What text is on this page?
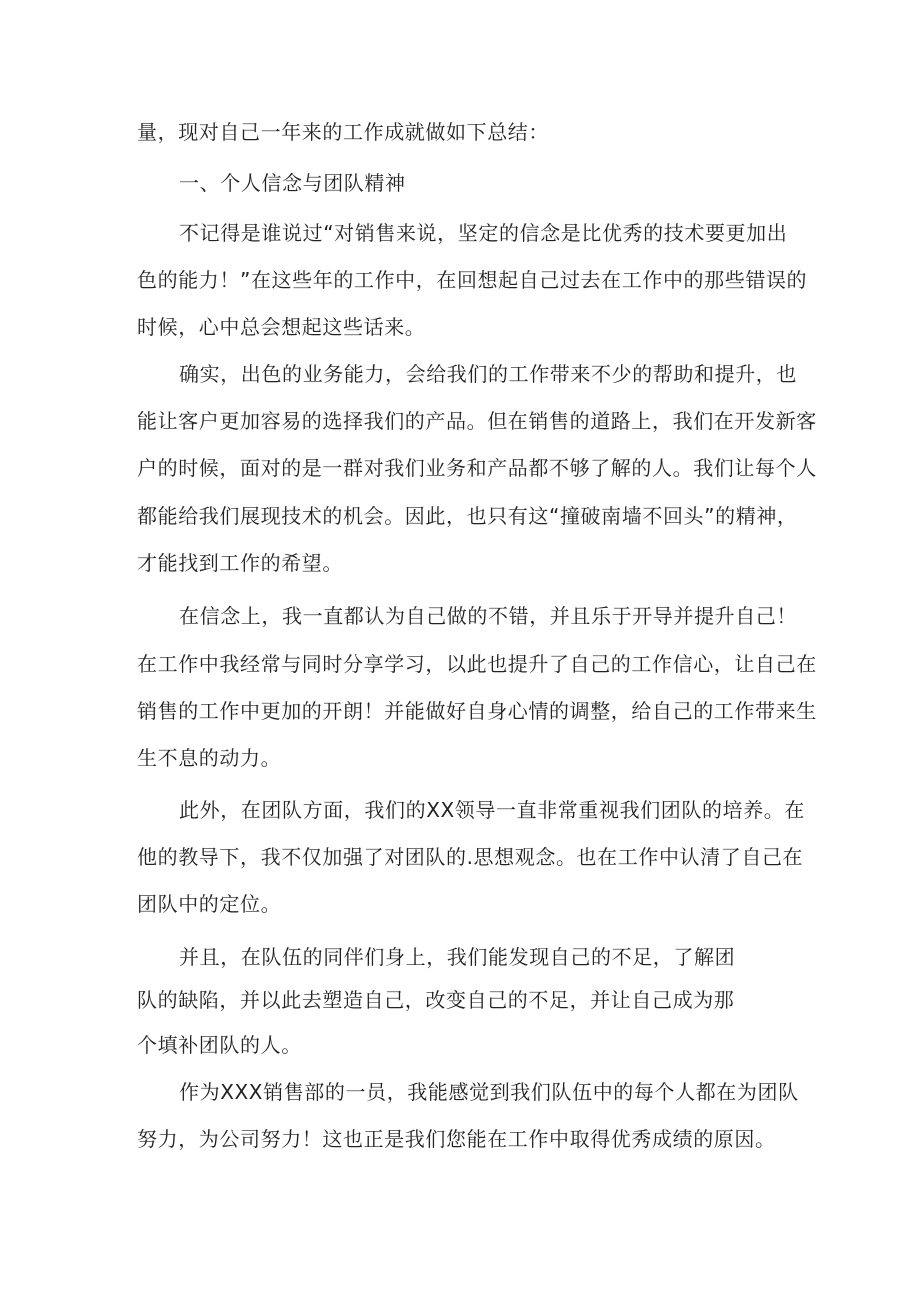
量，现对自己一年来的工作成就做如下总结：
一、个人信念与团队精神
不记得是谁说过“对销售来说，坚定的信念是比优秀的技术要更加出
色的能力！”在这些年的工作中，在回想起自己过去在工作中的那些错误的
时候，心中总会想起这些话来。
确实，出色的业务能力，会给我们的工作带来不少的帮助和提升，也
能让客户更加容易的选择我们的产品。但在销售的道路上，我们在开发新客
户的时候，面对的是一群对我们业务和产品都不够了解的人。我们让每个人
都能给我们展现技术的机会。因此，也只有这“撞破南墙不回头”的精神，
才能找到工作的希望。
在信念上，我一直都认为自己做的不错，并且乐于开导并提升自己！
在工作中我经常与同时分享学习，以此也提升了自己的工作信心，让自己在
销售的工作中更加的开朗！并能做好自身心情的调整，给自己的工作带来生
生不息的动力。
此外，在团队方面，我们的XX领导一直非常重视我们团队的培养。在
他的教导下，我不仅加强了对团队的.思想观念。也在工作中认清了自己在
团队中的定位。
并且，在队伍的同伴们身上，我们能发现自己的不足，了解团
队的缺陷，并以此去塑造自己，改变自己的不足，并让自己成为那
个填补团队的人。
作为XXX销售部的一员，我能感觉到我们队伍中的每个人都在为团队
努力，为公司努力！这也正是我们您能在工作中取得优秀成绩的原因。
